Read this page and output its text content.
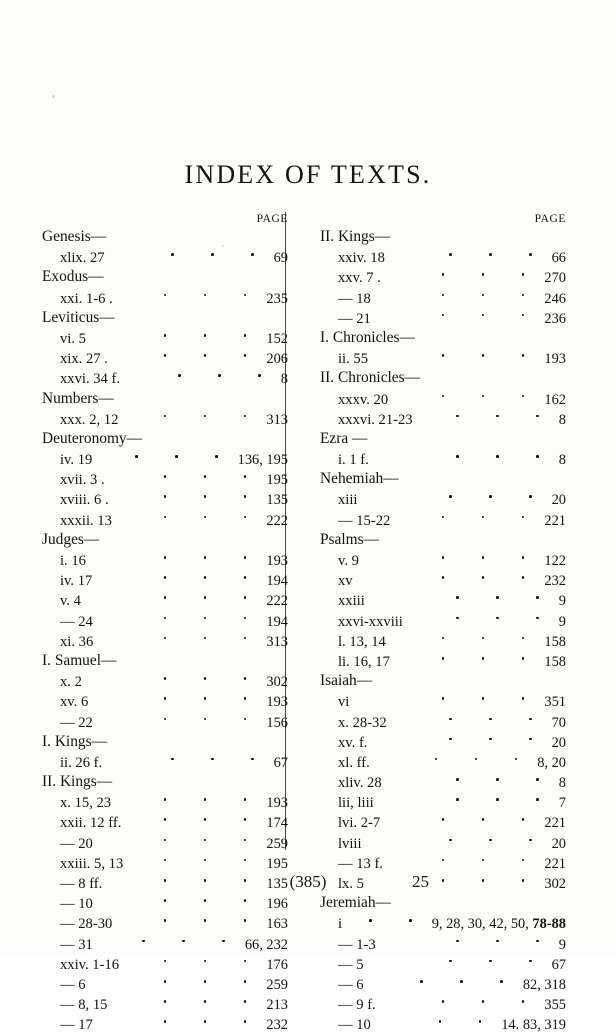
INDEX OF TEXTS.
PAGE
Genesis—
xlix. 27	69
Exodus—
xxi. 1-6 .	235
Leviticus—
vi. 5	152
xix. 27 .	206
xxvi. 34 f.	8
Numbers—
xxx. 2, 12	313
Deuteronomy—
iv. 19	136, 195
xvii. 3 .	195
xviii. 6 .	135
xxxii. 13	222
Judges—
i. 16	193
iv. 17	194
v. 4	222
— 24	194
xi. 36	313
I. Samuel—
x. 2	302
xv. 6	193
— 22	156
I. Kings—
ii. 26 f.	67
II. Kings—
x. 15, 23	193
xxii. 12 ff.	174
— 20	259
xxiii. 5, 13	195
— 8 ff.	135
— 10	196
— 28-30	163
— 31	66, 232
xxiv. 1-16	176
— 6	259
— 8, 15	213
— 17	232
PAGE
II. Kings—
xxiv. 18	66
xxv. 7 .	270
— 18	246
— 21	236
I. Chronicles—
ii. 55	193
II. Chronicles—
xxxv. 20	162
xxxvi. 21-23	8
Ezra —
i. 1 f.	8
Nehemiah—
xiii	20
— 15-22	221
Psalms—
v. 9	122
xv	232
xxiii	9
xxvi-xxviii	9
l. 13, 14	158
li. 16, 17	158
Isaiah—
vi	351
x. 28-32	70
xv. f.	20
xl. ff.	8, 20
xliv. 28	8
lii, liii	7
lvi. 2-7	221
lviii	20
— 13 f.	221
lx. 5	302
Jeremiah—
i	9, 28, 30, 42, 50, 78-88
— 1-3	9
— 5	67
— 6	82, 318
— 9 f.	355
— 10	14. 83, 319
(385)	25
